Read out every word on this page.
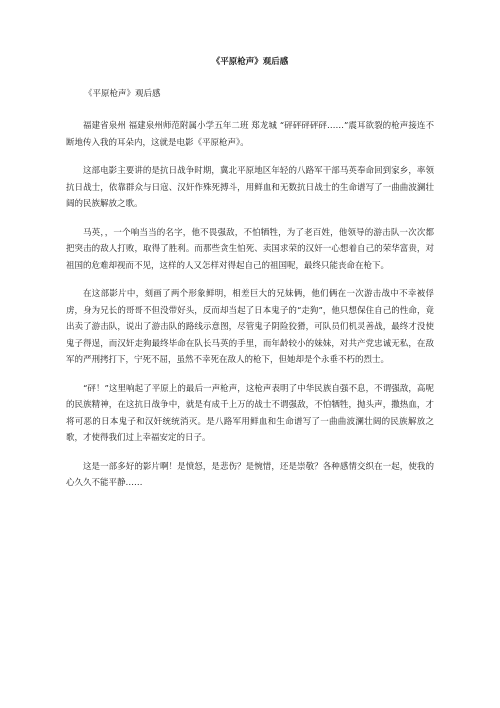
《平原枪声》观后感
《平原枪声》观后感

福建省泉州 福建泉州师范附属小学五年二班 郑龙城 “砰砰砰砰砰……”震耳欲裂的枪声接连不断地传入我的耳朵内，这就是电影《平原枪声》。

这部电影主要讲的是抗日战争时期，冀北平原地区年轻的八路军干部马英奉命回到家乡，率领抗日战士，依靠群众与日寇、汉奸作殊死搏斗，用鲜血和无数抗日战士的生命谱写了一曲曲波澜壮阔的民族解放之歌。

马英，，一个响当当的名字，他不畏强敌，不怕牺牲，为了老百姓，他领导的游击队一次次都把突击的敌人打败，取得了胜利。而那些贪生怕死、卖国求荣的汉奸一心想着自己的荣华富贵，对祖国的危难却视而不见，这样的人又怎样对得起自己的祖国呢，最终只能丧命在枪下。

在这部影片中，刻画了两个形象鲜明，相差巨大的兄妹俩，他们俩在一次游击战中不幸被俘虏，身为兄长的哥哥不但没带好头，反而却当起了日本鬼子的“走狗”，他只想保住自己的性命，竟出卖了游击队，说出了游击队的路线示意图，尽管鬼子阴险狡猾，可队员们机灵善战，最终才没使鬼子得逞，而汉奸走狗最终毕命在队长马英的手里，而年龄较小的妹妹，对共产党忠诚无私，在敌军的严刑拷打下，宁死不屈，虽然不幸死在敌人的枪下，但她却是个永垂不朽的烈士。

“砰！”这里响起了平原上的最后一声枪声，这枪声表明了中华民族自强不息，不谓强敌，高呢的民族精神，在这抗日战争中，就是有成千上万的战士不谓强敌，不怕牺牲，抛头声，撒热血，才将可恶的日本鬼子和汉奸统统消灭。是八路军用鲜血和生命谱写了一曲曲波澜壮阔的民族解放之歌，才使得我们过上幸福安定的日子。

这是一部多好的影片啊！是愤怒，是悲伤？是惋惜，还是崇敬？各种感情交织在一起，使我的心久久不能平静……
